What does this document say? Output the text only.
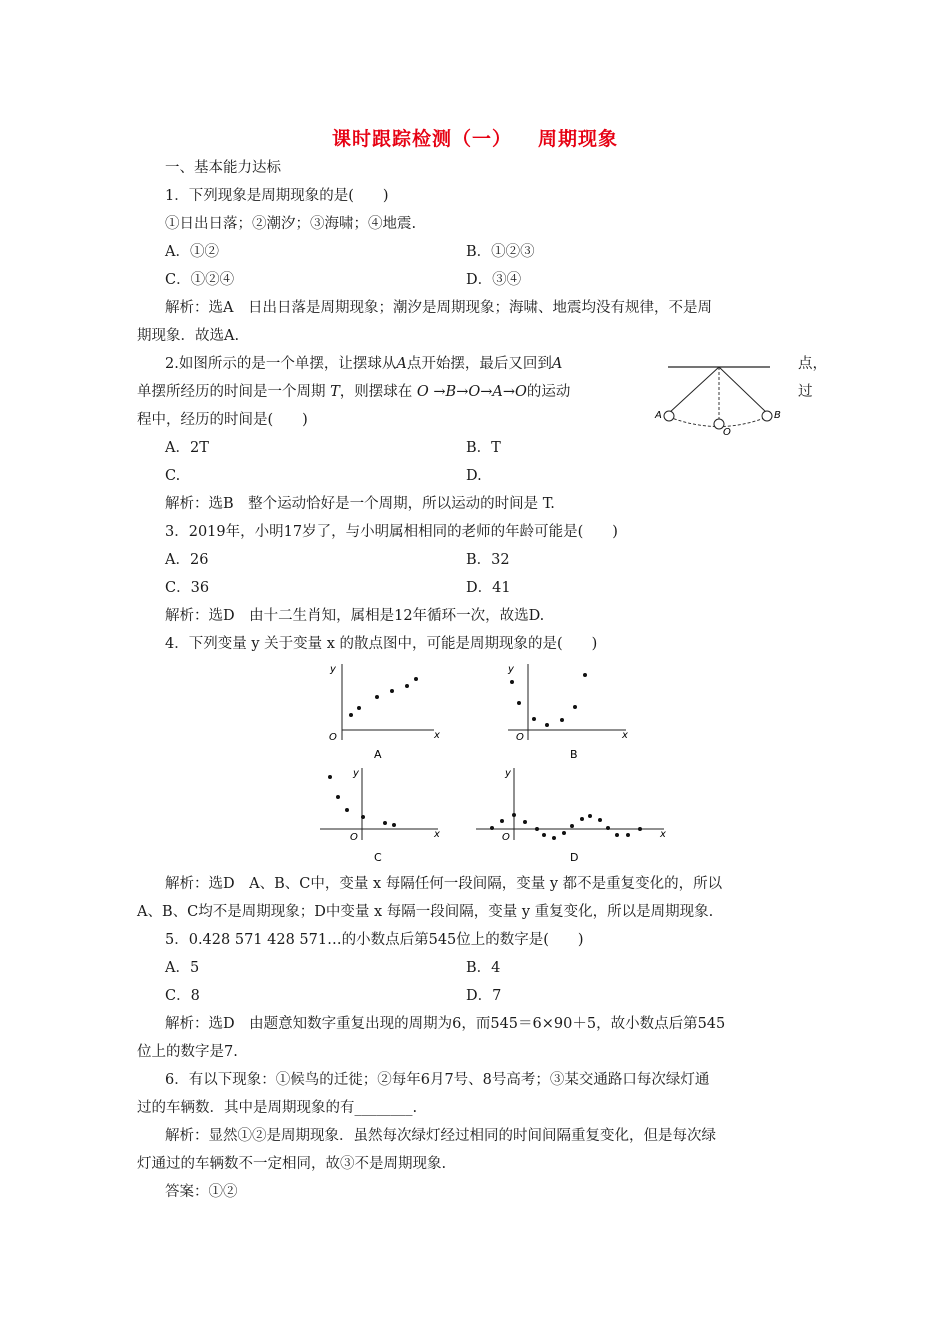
课时跟踪检测（一） 周期现象
一、基本能力达标
1．下列现象是周期现象的是(　　)
①日出日落；②潮汐；③海啸；④地震.
A．①②	B．①②③
C．①②④	D．③④
解析：选A　日出日落是周期现象；潮汐是周期现象；海啸、地震均没有规律，不是周
期现象．故选A.
2.如图所示的是一个单摆，让摆球从A点开始摆，最后又回到A	点，
单摆所经历的时间是一个周期 T，则摆球在 O →B→O→A→O的运动	过
程中，经历的时间是(　　)	A	B
O
A．2T	B．T
C.	D.
解析：选B　整个运动恰好是一个周期，所以运动的时间是 T.
3．2019年，小明17岁了，与小明属相相同的老师的年龄可能是(　　)
A．26	B．32
C．36	D．41
解析：选D　由十二生肖知，属相是12年循环一次，故选D.
4．下列变量 y 关于变量 x 的散点图中，可能是周期现象的是(　　)
y
x
O
A
y
x
O
B
y
x
O
C
y
x
O
D
解析：选D　A、B、C中，变量 x 每隔任何一段间隔，变量 y 都不是重复变化的，所以
A、B、C均不是周期现象；D中变量 x 每隔一段间隔，变量 y 重复变化，所以是周期现象.
5．0.428 571 428 571…的小数点后第545位上的数字是(　　)
A．5	B．4
C．8	D．7
解析：选D　由题意知数字重复出现的周期为6，而545＝6×90＋5，故小数点后第545
位上的数字是7.
6．有以下现象：①候鸟的迁徙；②每年6月7号、8号高考；③某交通路口每次绿灯通
过的车辆数．其中是周期现象的有________.
解析：显然①②是周期现象．虽然每次绿灯经过相同的时间间隔重复变化，但是每次绿
灯通过的车辆数不一定相同，故③不是周期现象.
答案：①②
